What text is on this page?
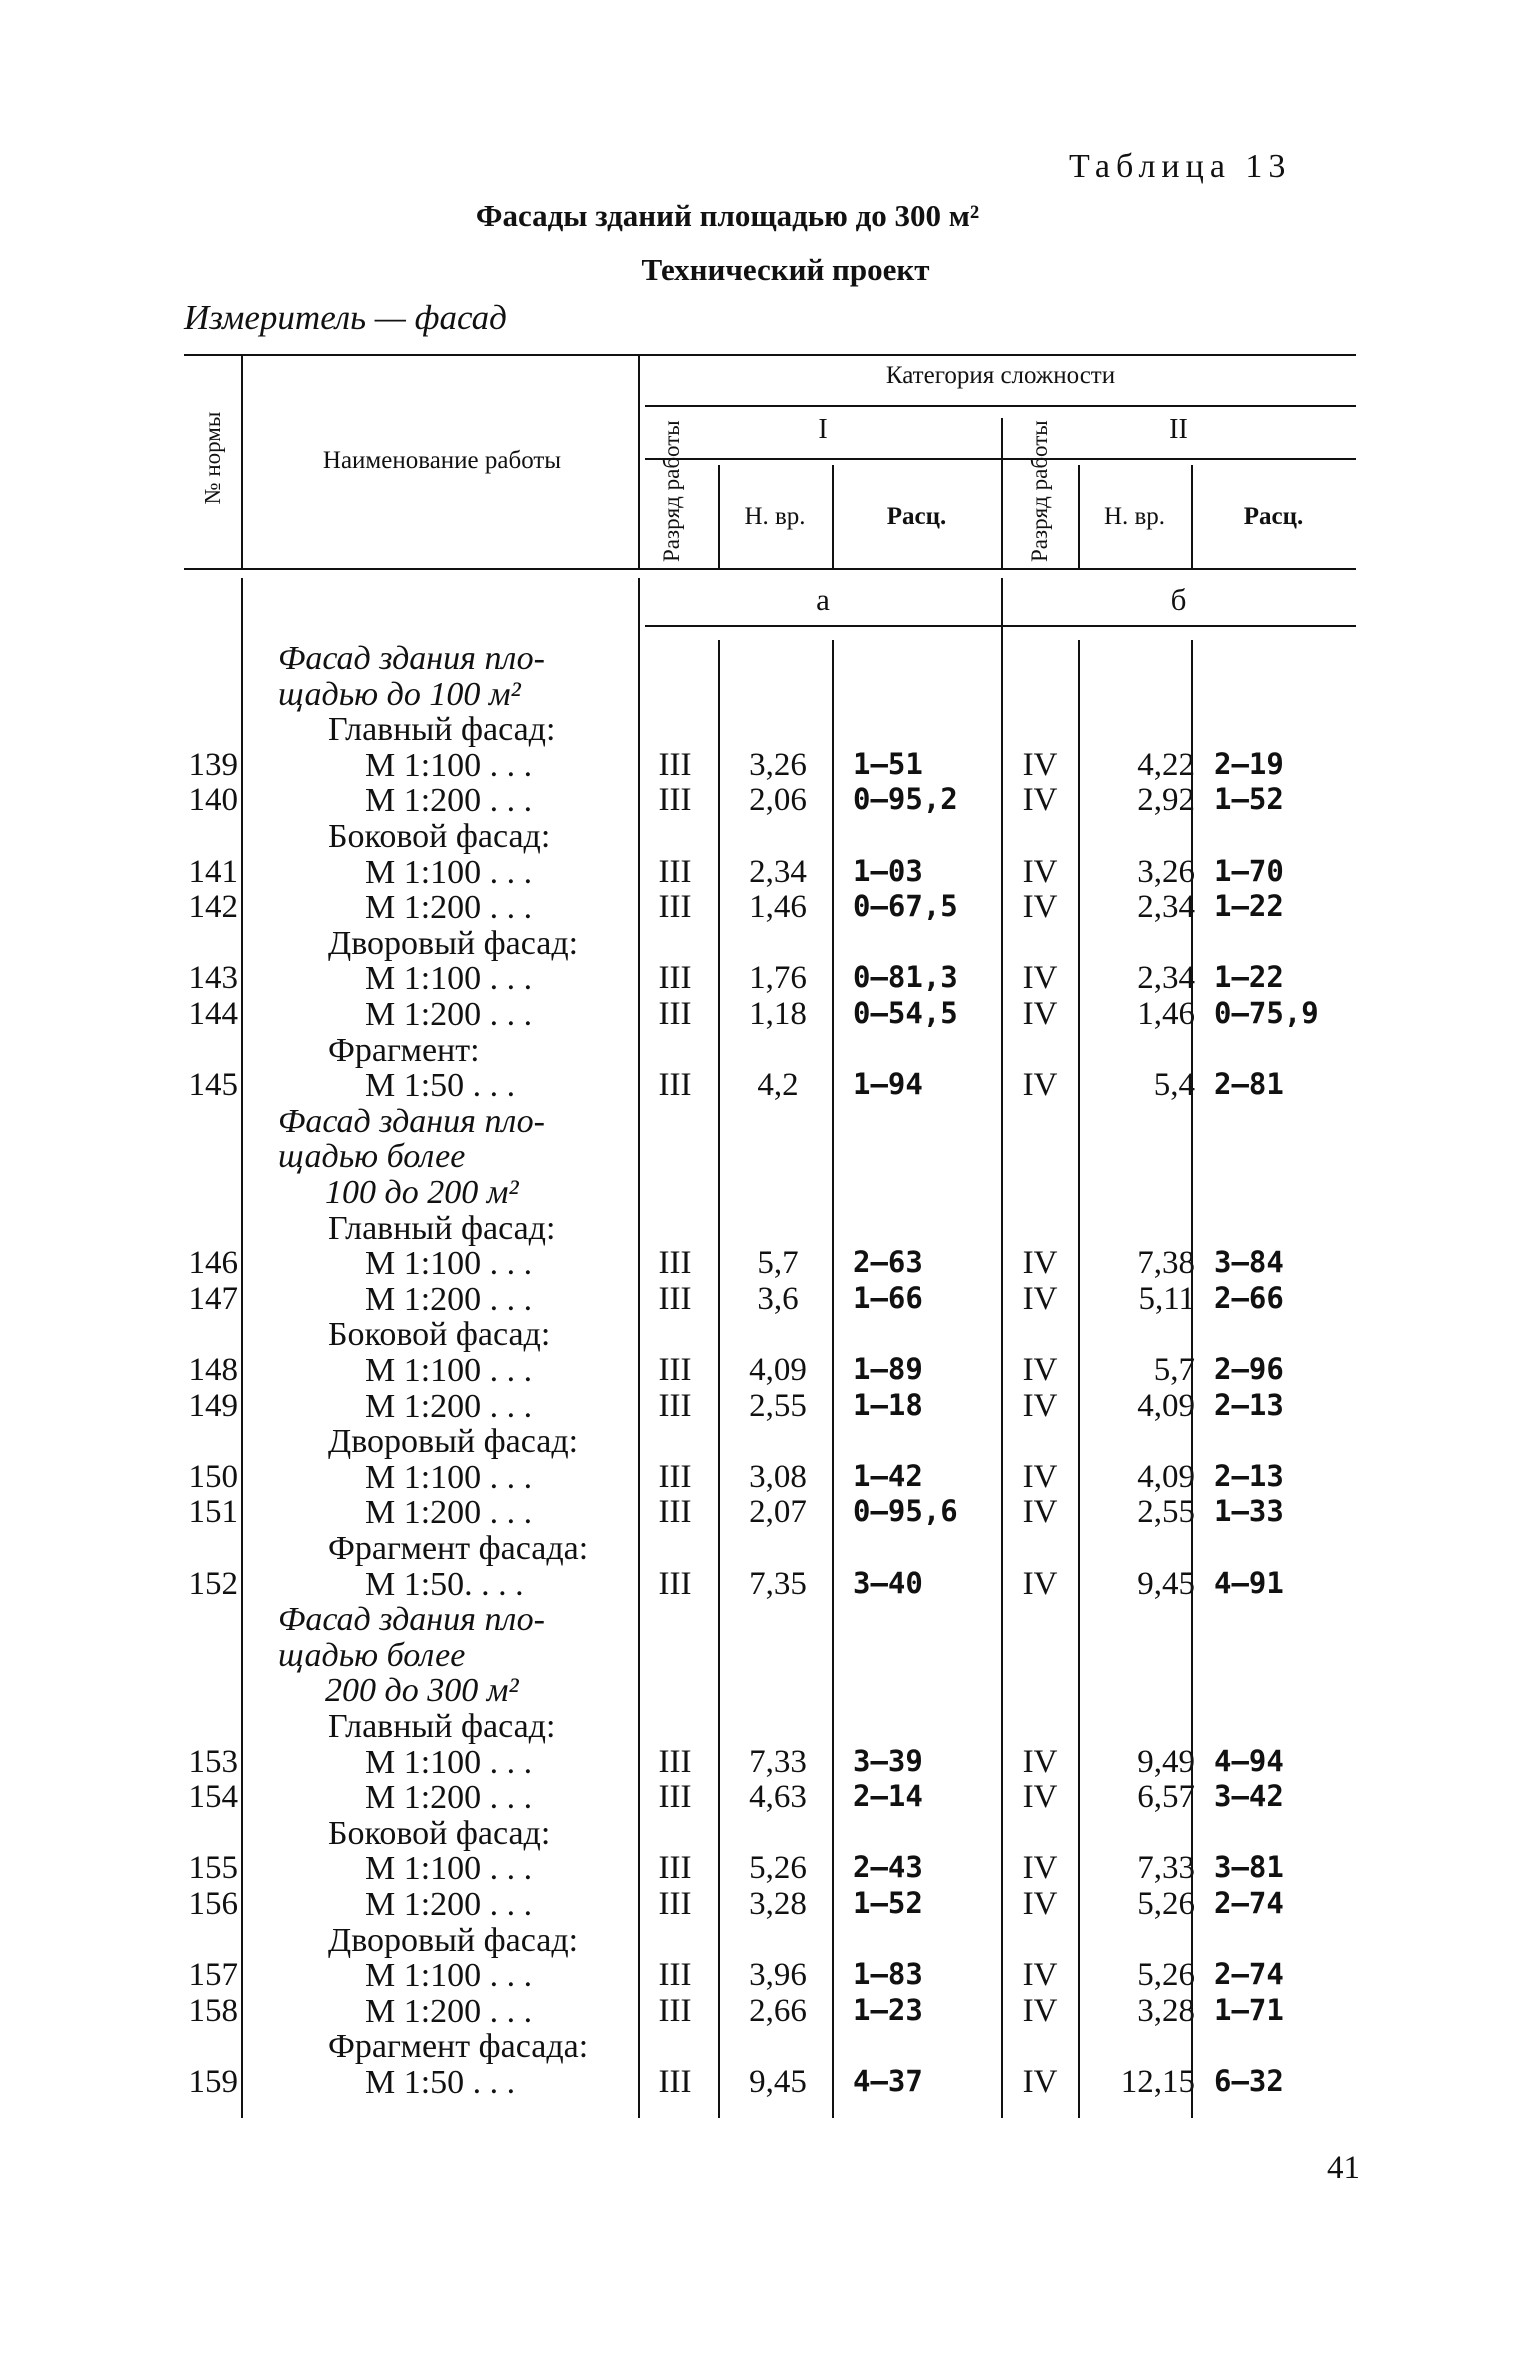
Таблица 13
Фасады зданий площадью до 300 м²
Технический проект
Измеритель — фасад
№ нормы	Наименование работы
Категория сложности
I	II
Разряд работы	Н. вр.	Расц.	Разряд работы	Н. вр.	Расц.
а	б
Фасад здания пло-
щадью до 100 м²
Главный фасад:
139	М 1:100 . . .	III	3,26	1—51	IV	4,22 2—19
140	М 1:200 . . .	III	2,06	0—95,2 IV	2,92 1—52
Боковой фасад:
141	М 1:100 . . .	III	2,34	1—03	IV	3,26 1—70
142	М 1:200 . . .	III	1,46	0—67,5 IV	2,34 1—22
Дворовый фасад:
143	М 1:100 . . .	III	1,76	0—81,3 IV	2,34 1—22
144	М 1:200 . . .	III	1,18	0—54,5 IV	1,46 0—75,9
Фрагмент:
145	М 1:50 . . .	III	4,2	1—94	IV	5,4 2—81
Фасад здания пло-
щадью более
100 до 200 м²
Главный фасад:
146	М 1:100 . . .	III	5,7	2—63	IV	7,38 3—84
147	М 1:200 . . .	III	3,6	1—66	IV	5,11 2—66
Боковой фасад:
148	М 1:100 . . .	III	4,09	1—89	IV	5,7 2—96
149	М 1:200 . . .	III	2,55	1—18	IV	4,09 2—13
Дворовый фасад:
150	М 1:100 . . .	III	3,08	1—42	IV	4,09 2—13
151	М 1:200 . . .	III	2,07	0—95,6 IV	2,55 1—33
Фрагмент фасада:
152	М 1:50. . . .	III	7,35	3—40	IV	9,45 4—91
Фасад здания пло-
щадью более
200 до 300 м²
Главный фасад:
153	М 1:100 . . .	III	7,33	3—39	IV	9,49 4—94
154	М 1:200 . . .	III	4,63	2—14	IV	6,57 3—42
Боковой фасад:
155	М 1:100 . . .	III	5,26	2—43	IV	7,33 3—81
156	М 1:200 . . .	III	3,28	1—52	IV	5,26 2—74
Дворовый фасад:
157	М 1:100 . . .	III	3,96	1—83	IV	5,26 2—74
158	М 1:200 . . .	III	2,66	1—23	IV	3,28 1—71
Фрагмент фасада:
159	М 1:50 . . .	III	9,45	4—37	IV	12,15 6—32
41
